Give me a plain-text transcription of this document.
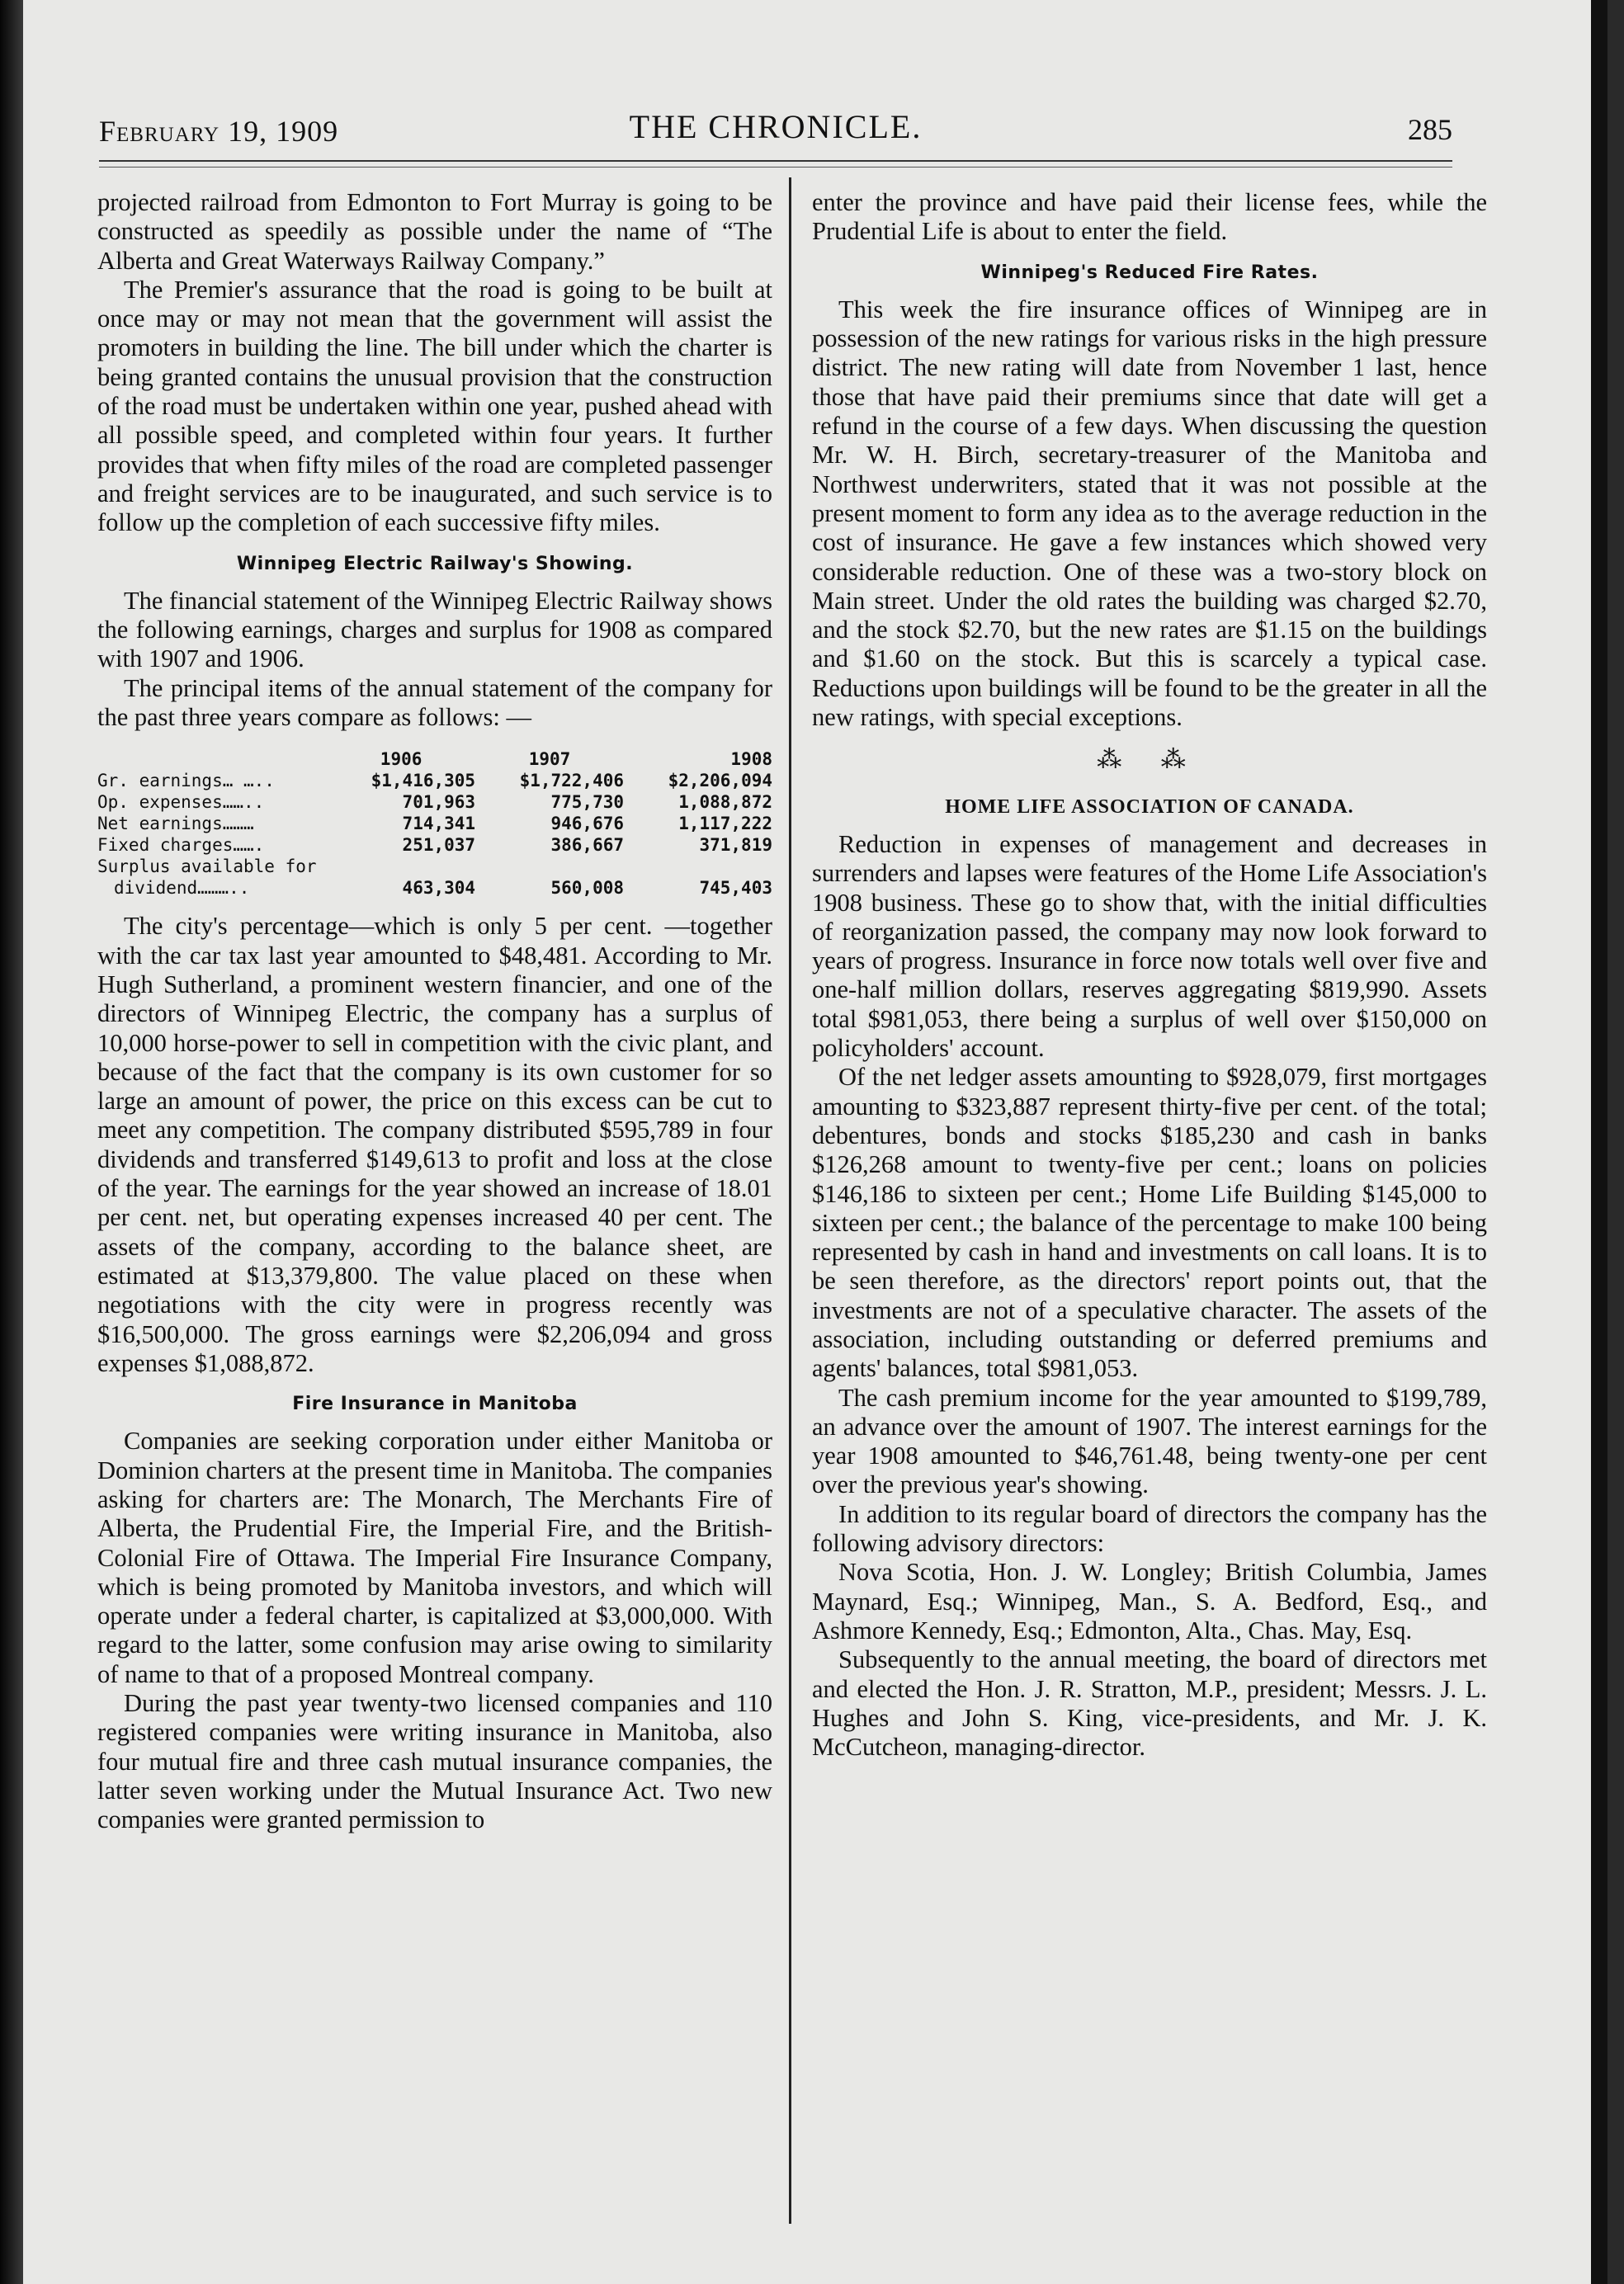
February 19, 1909	THE CHRONICLE.	285

projected railroad from Edmonton to Fort Murray is going to be constructed as speedily as possible under the name of “The Alberta and Great Waterways Railway Company.”

The Premier's assurance that the road is going to be built at once may or may not mean that the government will assist the promoters in building the line. The bill under which the charter is being granted contains the unusual provision that the construction of the road must be undertaken within one year, pushed ahead with all possible speed, and completed within four years. It further provides that when fifty miles of the road are completed passenger and freight services are to be inaugurated, and such service is to follow up the completion of each successive fifty miles.

Winnipeg Electric Railway's Showing.

The financial statement of the Winnipeg Electric Railway shows the following earnings, charges and surplus for 1908 as compared with 1907 and 1906.

The principal items of the annual statement of the company for the past three years compare as follows: —

	1906	1907	1908
Gr. earnings… …..	$1,416,305	$1,722,406	$2,206,094
Op. expenses……..	701,963	775,730	1,088,872
Net earnings………	714,341	946,676	1,117,222
Fixed charges…….	251,037	386,667	371,819
Surplus available for			
dividend………..	463,304	560,008	745,403

The city's percentage—which is only 5 per cent. —together with the car tax last year amounted to $48,481. According to Mr. Hugh Sutherland, a prominent western financier, and one of the directors of Winnipeg Electric, the company has a surplus of 10,000 horse-power to sell in competition with the civic plant, and because of the fact that the company is its own customer for so large an amount of power, the price on this excess can be cut to meet any competition. The company distributed $595,789 in four dividends and transferred $149,613 to profit and loss at the close of the year. The earnings for the year showed an increase of 18.01 per cent. net, but operating expenses increased 40 per cent. The assets of the company, according to the balance sheet, are estimated at $13,379,800. The value placed on these when negotiations with the city were in progress recently was $16,500,000. The gross earnings were $2,206,094 and gross expenses $1,088,872.

Fire Insurance in Manitoba

Companies are seeking corporation under either Manitoba or Dominion charters at the present time in Manitoba. The companies asking for charters are: The Monarch, The Merchants Fire of Alberta, the Prudential Fire, the Imperial Fire, and the British-Colonial Fire of Ottawa. The Imperial Fire Insurance Company, which is being promoted by Manitoba investors, and which will operate under a federal charter, is capitalized at $3,000,000. With regard to the latter, some confusion may arise owing to similarity of name to that of a proposed Montreal company.

During the past year twenty-two licensed companies and 110 registered companies were writing insurance in Manitoba, also four mutual fire and three cash mutual insurance companies, the latter seven working under the Mutual Insurance Act. Two new companies were granted permission to

enter the province and have paid their license fees, while the Prudential Life is about to enter the field.

Winnipeg's Reduced Fire Rates.

This week the fire insurance offices of Winnipeg are in possession of the new ratings for various risks in the high pressure district. The new rating will date from November 1 last, hence those that have paid their premiums since that date will get a refund in the course of a few days. When discussing the question Mr. W. H. Birch, secretary-treasurer of the Manitoba and Northwest underwriters, stated that it was not possible at the present moment to form any idea as to the average reduction in the cost of insurance. He gave a few instances which showed very considerable reduction. One of these was a two-story block on Main street. Under the old rates the building was charged $2.70, and the stock $2.70, but the new rates are $1.15 on the buildings and $1.60 on the stock. But this is scarcely a typical case. Reductions upon buildings will be found to be the greater in all the new ratings, with special exceptions.

⁂ ⁂
HOME LIFE ASSOCIATION OF CANADA.

Reduction in expenses of management and decreases in surrenders and lapses were features of the Home Life Association's 1908 business. These go to show that, with the initial difficulties of reorganization passed, the company may now look forward to years of progress. Insurance in force now totals well over five and one-half million dollars, reserves aggregating $819,990. Assets total $981,053, there being a surplus of well over $150,000 on policyholders' account.

Of the net ledger assets amounting to $928,079, first mortgages amounting to $323,887 represent thirty-five per cent. of the total; debentures, bonds and stocks $185,230 and cash in banks $126,268 amount to twenty-five per cent.; loans on policies $146,186 to sixteen per cent.; Home Life Building $145,000 to sixteen per cent.; the balance of the percentage to make 100 being represented by cash in hand and investments on call loans. It is to be seen therefore, as the directors' report points out, that the investments are not of a speculative character. The assets of the association, including outstanding or deferred premiums and agents' balances, total $981,053.

The cash premium income for the year amounted to $199,789, an advance over the amount of 1907. The interest earnings for the year 1908 amounted to $46,761.48, being twenty-one per cent over the previous year's showing.

In addition to its regular board of directors the company has the following advisory directors:

Nova Scotia, Hon. J. W. Longley; British Columbia, James Maynard, Esq.; Winnipeg, Man., S. A. Bedford, Esq., and Ashmore Kennedy, Esq.; Edmonton, Alta., Chas. May, Esq.

Subsequently to the annual meeting, the board of directors met and elected the Hon. J. R. Stratton, M.P., president; Messrs. J. L. Hughes and John S. King, vice-presidents, and Mr. J. K. McCutcheon, managing-director.
